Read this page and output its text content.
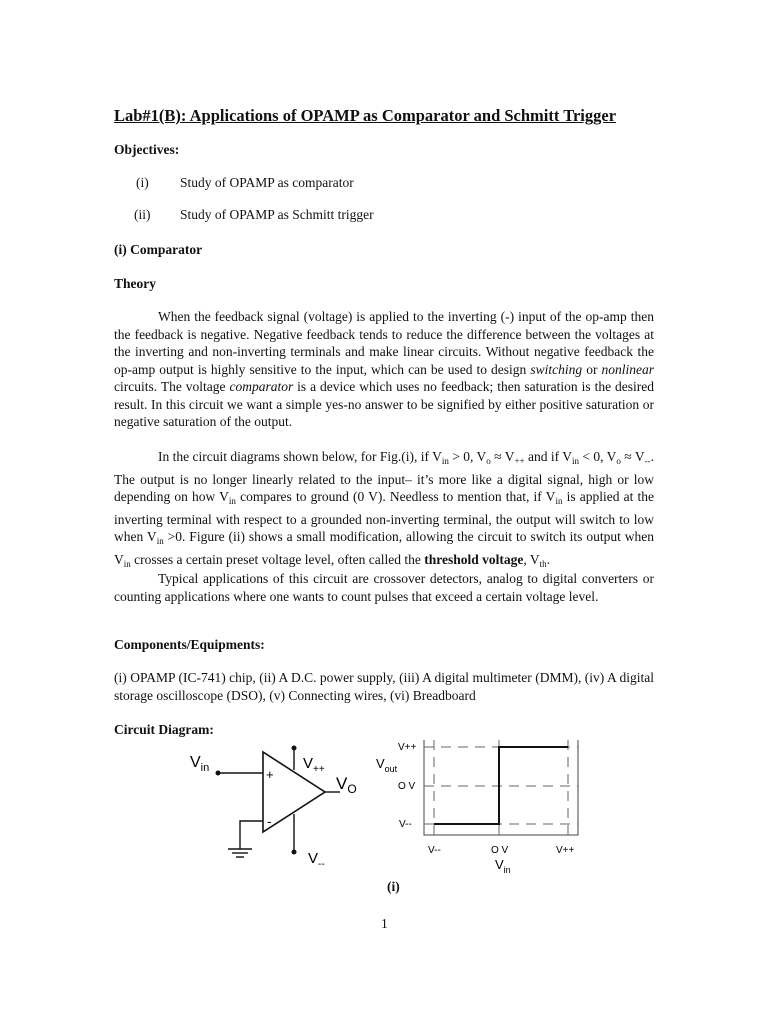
Lab#1(B): Applications of OPAMP as Comparator and Schmitt Trigger
Objectives:
(i) Study of OPAMP as comparator
(ii) Study of OPAMP as Schmitt trigger
(i) Comparator
Theory
When the feedback signal (voltage) is applied to the inverting (-) input of the op-amp then the feedback is negative. Negative feedback tends to reduce the difference between the voltages at the inverting and non-inverting terminals and make linear circuits. Without negative feedback the op-amp output is highly sensitive to the input, which can be used to design switching or nonlinear circuits. The voltage comparator is a device which uses no feedback; then saturation is the desired result. In this circuit we want a simple yes-no answer to be signified by either positive saturation or negative saturation of the output.
In the circuit diagrams shown below, for Fig.(i), if $V_{in} > 0$, $V_o \approx V_{++}$ and if $V_{in} < 0$, $V_o \approx V_{--}$. The output is no longer linearly related to the input– it’s more like a digital signal, high or low depending on how $V_{in}$ compares to ground (0 V). Needless to mention that, if $V_{in}$ is applied at the inverting terminal with respect to a grounded non-inverting terminal, the output will switch to low when $V_{in} >0$. Figure (ii) shows a small modification, allowing the circuit to switch its output when $V_{in}$ crosses a certain preset voltage level, often called the threshold voltage, $V_{th}$.
Typical applications of this circuit are crossover detectors, analog to digital converters or counting applications where one wants to count pulses that exceed a certain voltage level.
Components/Equipments:
(i) OPAMP (IC-741) chip, (ii) A D.C. power supply, (iii) A digital multimeter (DMM), (iv) A digital storage oscilloscope (DSO), (v) Connecting wires, (vi) Breadboard
Circuit Diagram:
$V_{in}$	+
-
$V_{++}$
$V_O$
$V_{--}$
V++
O V
V--
$V_{out}$
V--	O V	V++
$V_{in}$
(i)
1
